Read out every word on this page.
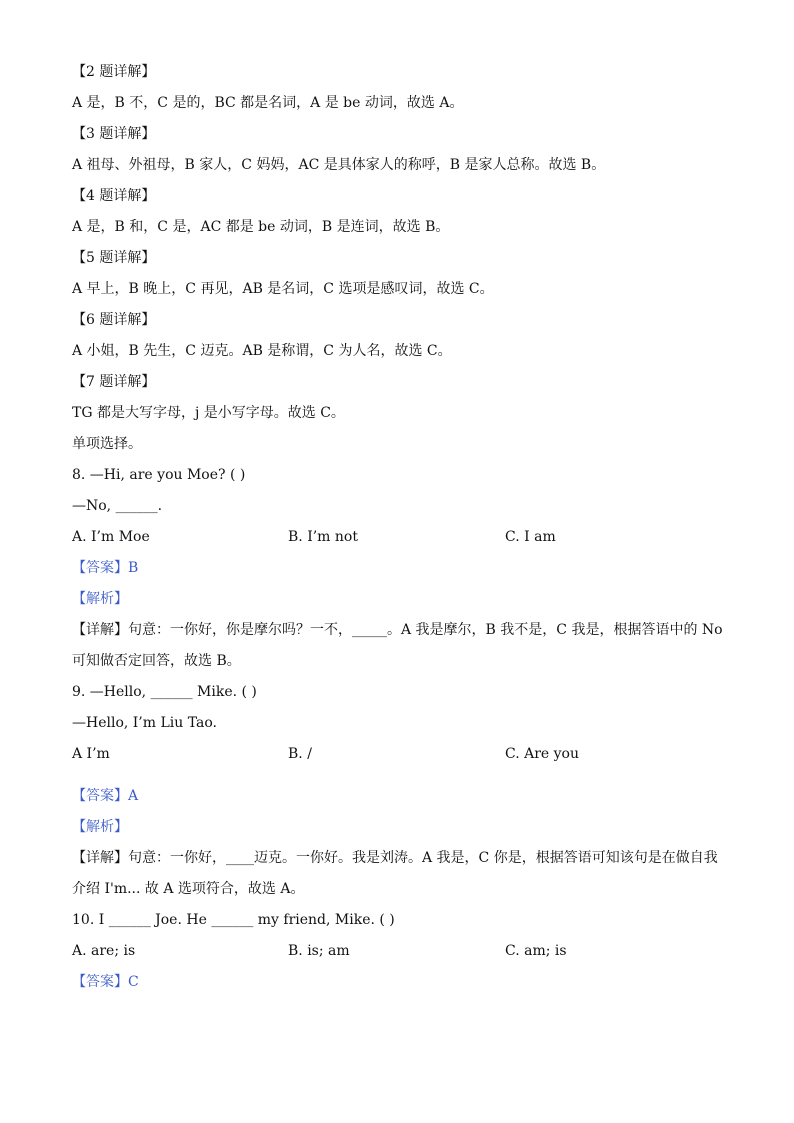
【2 题详解】
A 是，B 不，C 是的，BC 都是名词，A 是 be 动词，故选 A。
【3 题详解】
A 祖母、外祖母，B 家人，C 妈妈，AC 是具体家人的称呼，B 是家人总称。故选 B。
【4 题详解】
A 是，B 和，C 是，AC 都是 be 动词，B 是连词，故选 B。
【5 题详解】
A 早上，B 晚上，C 再见，AB 是名词，C 选项是感叹词，故选 C。
【6 题详解】
A 小姐，B 先生，C 迈克。AB 是称谓，C 为人名，故选 C。
【7 题详解】
TG 都是大写字母，j 是小写字母。故选 C。
单项选择。
8. —Hi, are you Moe? ( )
—No, ______.
A. I’m Moe	B. I’m not	C. I am
【答案】B
【解析】
【详解】句意：一你好，你是摩尔吗？一不，_____。A 我是摩尔，B 我不是，C 我是，根据答语中的 No
可知做否定回答，故选 B。
9. —Hello, ______ Mike. ( )
—Hello, I’m Liu Tao.
A I’m	B. /	C. Are you
【答案】A
【解析】
【详解】句意：一你好，____迈克。一你好。我是刘涛。A 我是，C 你是，根据答语可知该句是在做自我
介绍 I'm... 故 A 选项符合，故选 A。
10. I ______ Joe. He ______ my friend, Mike. ( )
A. are; is	B. is; am	C. am; is
【答案】C
